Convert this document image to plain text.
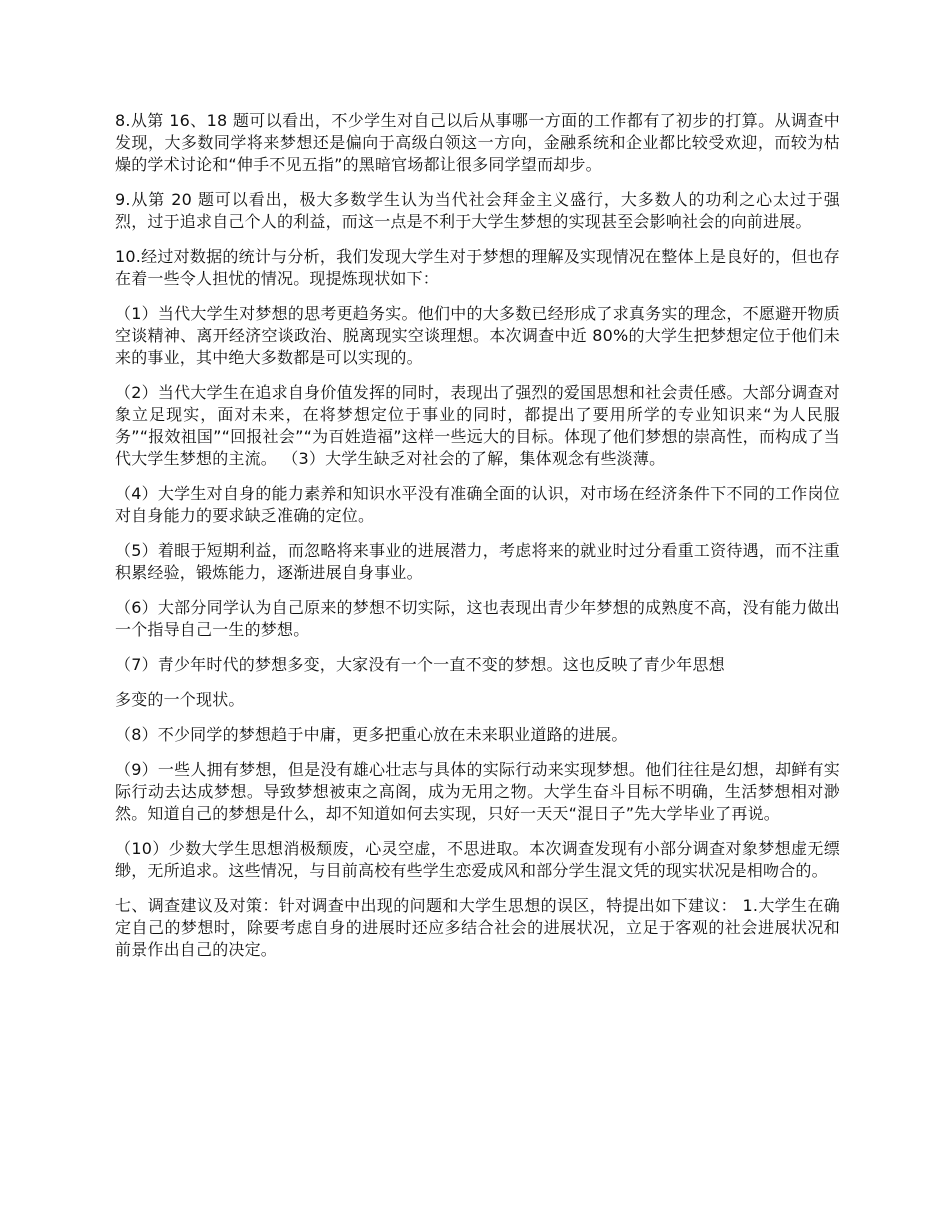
8.从第 16、18 题可以看出，不少学生对自己以后从事哪一方面的工作都有了初步的打算。从调查中发现，大多数同学将来梦想还是偏向于高级白领这一方向，金融系统和企业都比较受欢迎，而较为枯燥的学术讨论和“伸手不见五指”的黑暗官场都让很多同学望而却步。

9.从第 20 题可以看出，极大多数学生认为当代社会拜金主义盛行，大多数人的功利之心太过于强烈，过于追求自己个人的利益，而这一点是不利于大学生梦想的实现甚至会影响社会的向前进展。

10.经过对数据的统计与分析，我们发现大学生对于梦想的理解及实现情况在整体上是良好的，但也存在着一些令人担忧的情况。现提炼现状如下：

（1）当代大学生对梦想的思考更趋务实。他们中的大多数已经形成了求真务实的理念，不愿避开物质空谈精神、离开经济空谈政治、脱离现实空谈理想。本次调查中近 80%的大学生把梦想定位于他们未来的事业，其中绝大多数都是可以实现的。

（2）当代大学生在追求自身价值发挥的同时，表现出了强烈的爱国思想和社会责任感。大部分调查对象立足现实，面对未来，在将梦想定位于事业的同时，都提出了要用所学的专业知识来“为人民服务”“报效祖国”“回报社会”“为百姓造福”这样一些远大的目标。体现了他们梦想的崇高性，而构成了当代大学生梦想的主流。 （3）大学生缺乏对社会的了解，集体观念有些淡薄。

（4）大学生对自身的能力素养和知识水平没有准确全面的认识，对市场在经济条件下不同的工作岗位对自身能力的要求缺乏准确的定位。

（5）着眼于短期利益，而忽略将来事业的进展潜力，考虑将来的就业时过分看重工资待遇，而不注重积累经验，锻炼能力，逐渐进展自身事业。

（6）大部分同学认为自己原来的梦想不切实际，这也表现出青少年梦想的成熟度不高，没有能力做出一个指导自己一生的梦想。

（7）青少年时代的梦想多变，大家没有一个一直不变的梦想。这也反映了青少年思想

多变的一个现状。

（8）不少同学的梦想趋于中庸，更多把重心放在未来职业道路的进展。

（9）一些人拥有梦想，但是没有雄心壮志与具体的实际行动来实现梦想。他们往往是幻想，却鲜有实际行动去达成梦想。导致梦想被束之高阁，成为无用之物。大学生奋斗目标不明确，生活梦想相对渺然。知道自己的梦想是什么，却不知道如何去实现，只好一天天“混日子”先大学毕业了再说。

（10）少数大学生思想消极颓废，心灵空虚，不思进取。本次调查发现有小部分调查对象梦想虚无缥缈，无所追求。这些情况，与目前高校有些学生恋爱成风和部分学生混文凭的现实状况是相吻合的。

七、调查建议及对策：针对调查中出现的问题和大学生思想的误区，特提出如下建议： 1.大学生在确定自己的梦想时，除要考虑自身的进展时还应多结合社会的进展状况，立足于客观的社会进展状况和前景作出自己的决定。
